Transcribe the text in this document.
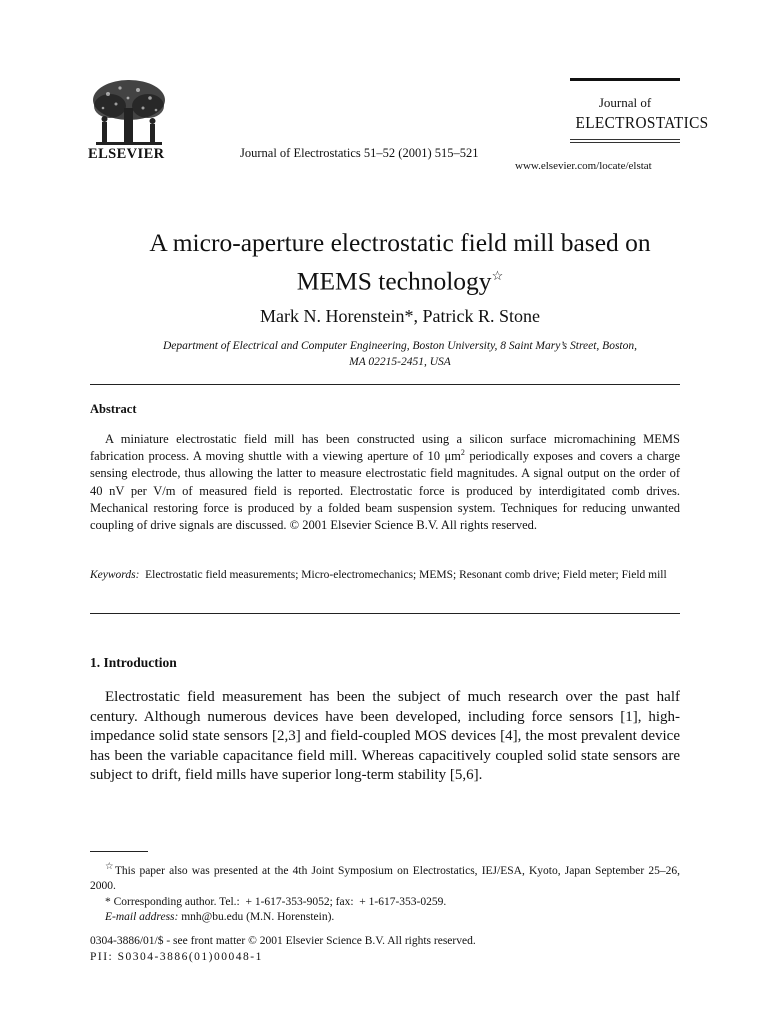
ELSEVIER	Journal of Electrostatics 51–52 (2001) 515–521
Journal of
ELECTROSTATICS
www.elsevier.com/locate/elstat
A micro-aperture electrostatic field mill based on
MEMS technology☆
Mark N. Horenstein*, Patrick R. Stone
Department of Electrical and Computer Engineering, Boston University, 8 Saint Mary’s Street, Boston,
MA 02215-2451, USA
Abstract
A miniature electrostatic field mill has been constructed using a silicon surface micromachining MEMS fabrication process. A moving shuttle with a viewing aperture of 10 $\mu m^2$ periodically exposes and covers a charge sensing electrode, thus allowing the latter to measure electrostatic field magnitudes. A signal output on the order of 40 nV per V/m of measured field is reported. Electrostatic force is produced by interdigitated comb drives. Mechanical restoring force is produced by a folded beam suspension system. Techniques for reducing unwanted coupling of drive signals are discussed. © 2001 Elsevier Science B.V. All rights reserved.
Keywords: Electrostatic field measurements; Micro-electromechanics; MEMS; Resonant comb drive; Field meter; Field mill
1. Introduction
Electrostatic field measurement has been the subject of much research over the past half century. Although numerous devices have been developed, including force sensors [1], high-impedance solid state sensors [2,3] and field-coupled MOS devices [4], the most prevalent device has been the variable capacitance field mill. Whereas capacitively coupled solid state sensors are subject to drift, field mills have superior long-term stability [5,6].

☆This paper also was presented at the 4th Joint Symposium on Electrostatics, IEJ/ESA, Kyoto, Japan September 25–26, 2000.

* Corresponding author. Tel.:  + 1-617-353-9052; fax:  + 1-617-353-0259.

E-mail address: mnh@bu.edu (M.N. Horenstein).

0304-3886/01/$ - see front matter © 2001 Elsevier Science B.V. All rights reserved.
PII: S0304-3886(01)00048-1
